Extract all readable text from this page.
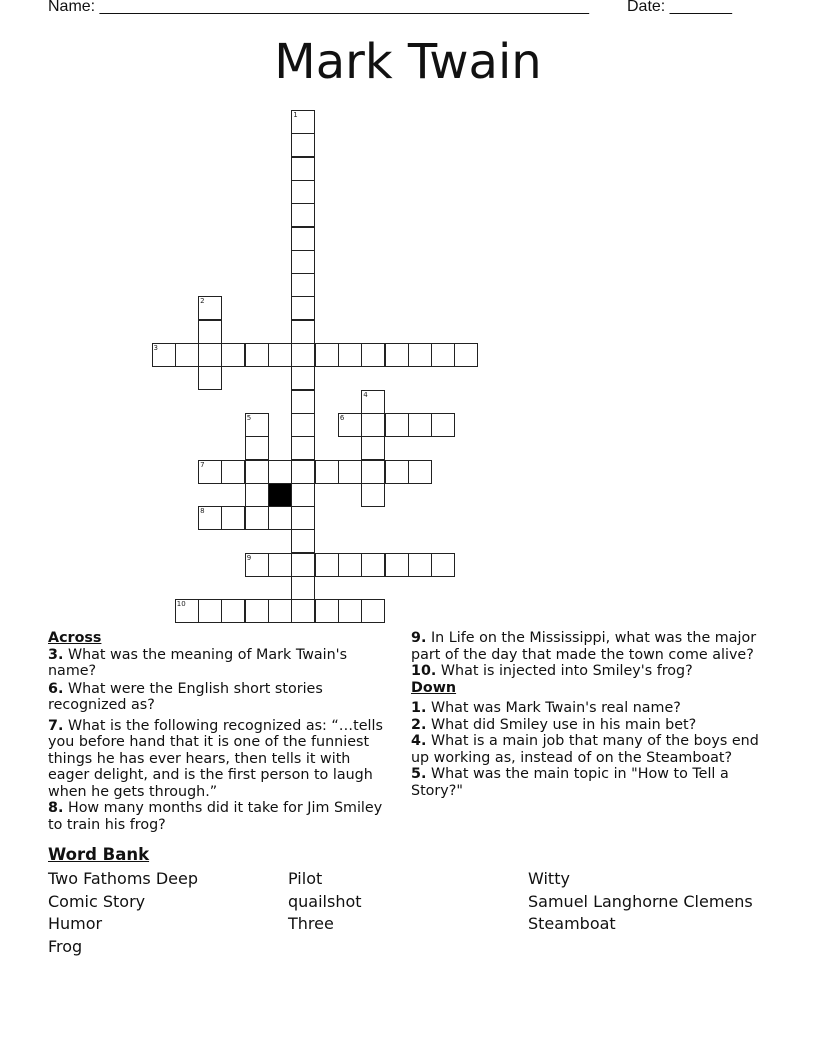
Name: _______________________________________________________ Date: _______
Mark Twain
1
2
3
4
6
5
7
8
9
10
Across
3. What was the meaning of Mark Twain's name?
6. What were the English short stories recognized as?
7. What is the following recognized as: “…tells you before hand that it is one of the funniest things he has ever hears, then tells it with eager delight, and is the first person to laugh when he gets through.”
8. How many months did it take for Jim Smiley to train his frog?
9. In Life on the Mississippi, what was the major part of the day that made the town come alive?
10. What is injected into Smiley's frog?
Down
1. What was Mark Twain's real name?
2. What did Smiley use in his main bet?
4. What is a main job that many of the boys end up working as, instead of on the Steamboat?
5. What was the main topic in "How to Tell a Story?"
Word Bank
Two Fathoms Deep	Pilot	Witty
Comic Story	quailshot	Samuel Langhorne Clemens
Humor	Three	Steamboat
Frog
